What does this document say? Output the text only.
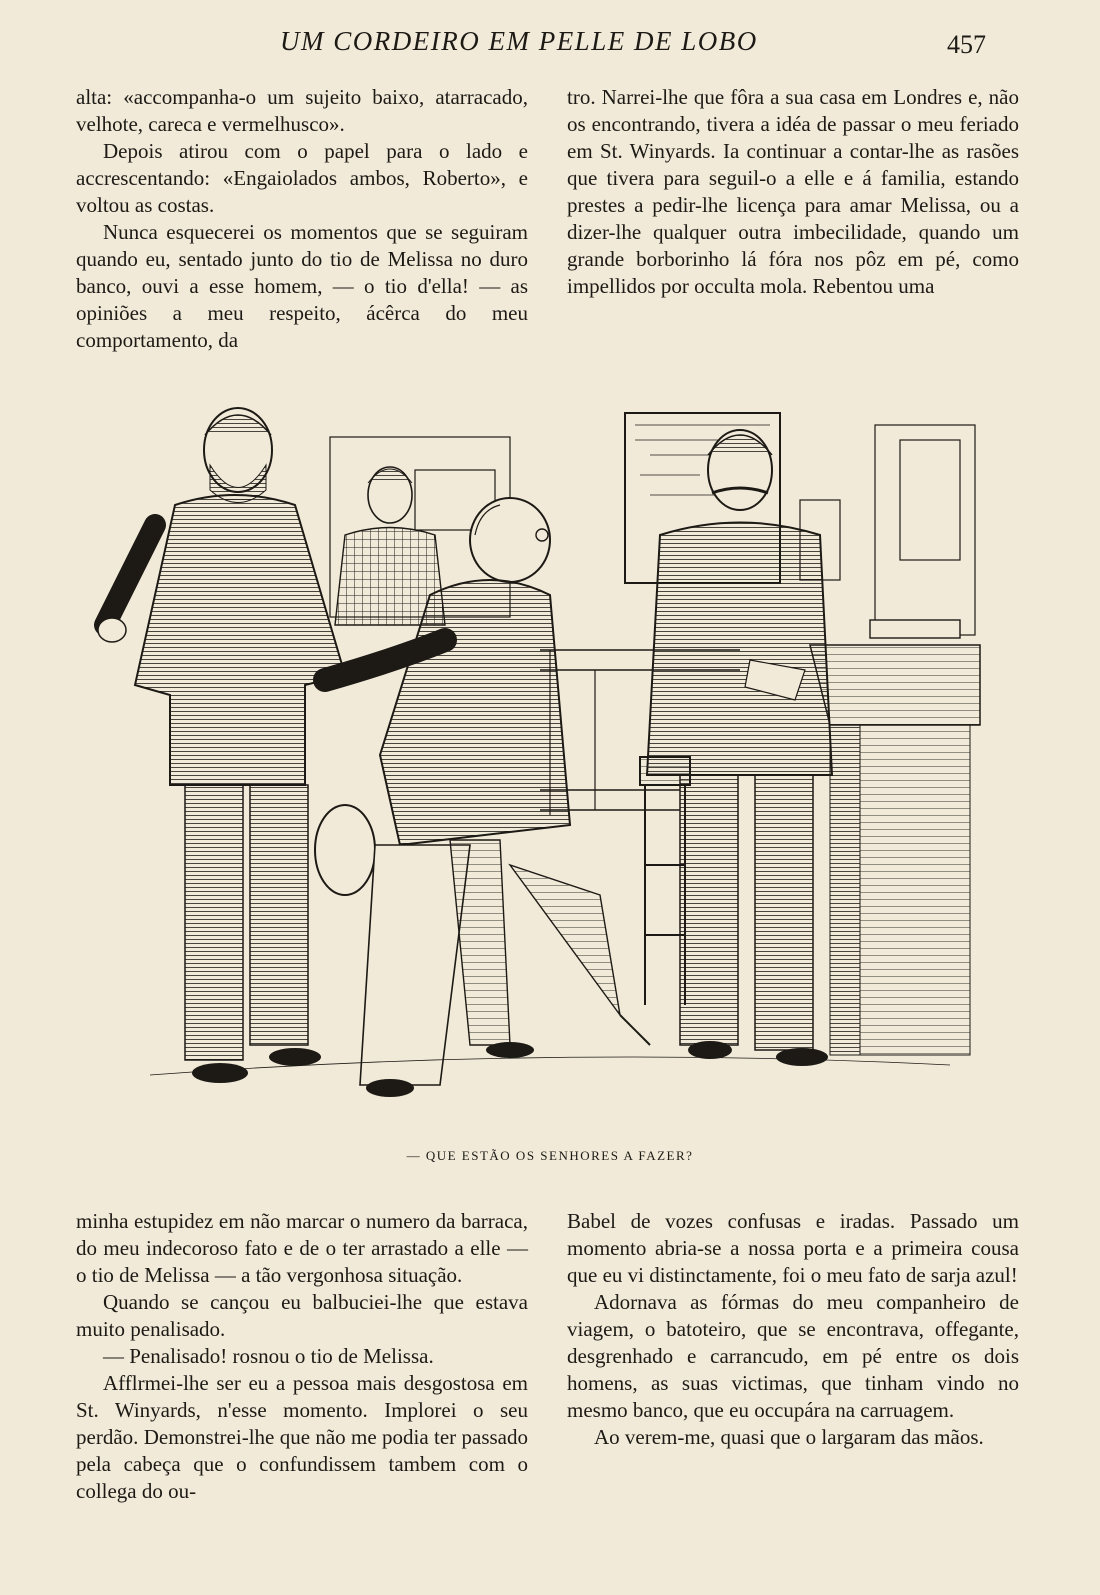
UM CORDEIRO EM PELLE DE LOBO	457

alta: «accompanha-o um sujeito baixo, atarracado, velhote, careca e vermelhusco».

Depois atirou com o papel para o lado e accrescentando: «Engaiolados ambos, Roberto», e voltou as costas.

Nunca esquecerei os momentos que se seguiram quando eu, sentado junto do tio de Melissa no duro banco, ouvi a esse homem, — o tio d'ella! — as opiniões a meu respeito, ácêrca do meu comportamento, da

tro. Narrei-lhe que fôra a sua casa em Londres e, não os encontrando, tivera a idéa de passar o meu feriado em St. Winyards. Ia continuar a contar-lhe as rasões que tivera para seguil-o a elle e á familia, estando prestes a pedir-lhe licença para amar Melissa, ou a dizer-lhe qualquer outra imbecilidade, quando um grande borborinho lá fóra nos pôz em pé, como impellidos por occulta mola. Rebentou uma

— QUE ESTÃO OS SENHORES A FAZER?

minha estupidez em não marcar o numero da barraca, do meu indecoroso fato e de o ter arrastado a elle — o tio de Melissa — a tão vergonhosa situação.

Quando se cançou eu balbuciei-lhe que estava muito penalisado.

— Penalisado! rosnou o tio de Melissa.

Afflrmei-lhe ser eu a pessoa mais desgostosa em St. Winyards, n'esse momento. Implorei o seu perdão. Demonstrei-lhe que não me podia ter passado pela cabeça que o confundissem tambem com o collega do ou-

Babel de vozes confusas e iradas. Passado um momento abria-se a nossa porta e a primeira cousa que eu vi distinctamente, foi o meu fato de sarja azul!

Adornava as fórmas do meu companheiro de viagem, o batoteiro, que se encontrava, offegante, desgrenhado e carrancudo, em pé entre os dois homens, as suas victimas, que tinham vindo no mesmo banco, que eu occupára na carruagem.

Ao verem-me, quasi que o largaram das mãos.
